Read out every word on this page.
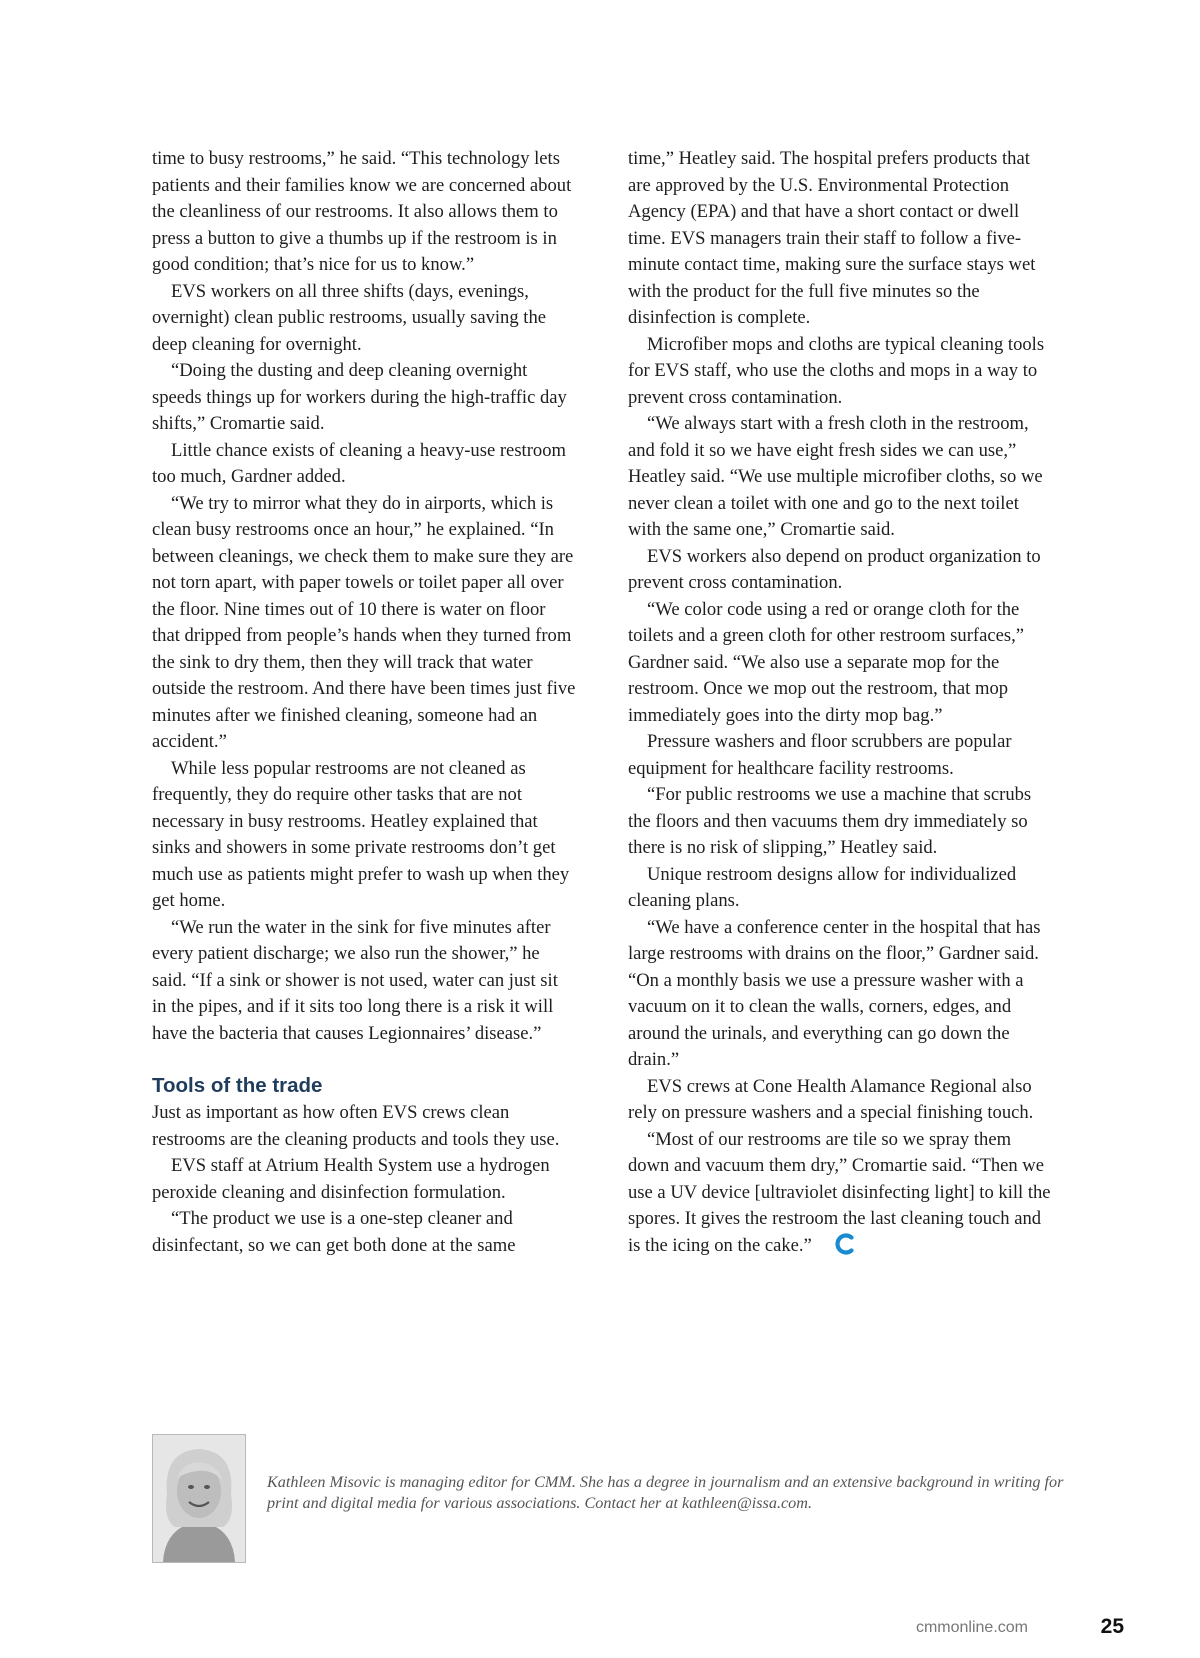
time to busy restrooms,” he said. “This technology lets patients and their families know we are concerned about the cleanliness of our restrooms. It also allows them to press a button to give a thumbs up if the restroom is in good condition; that’s nice for us to know.”

EVS workers on all three shifts (days, evenings, overnight) clean public restrooms, usually saving the deep cleaning for overnight.

“Doing the dusting and deep cleaning overnight speeds things up for workers during the high-traffic day shifts,” Cromartie said.

Little chance exists of cleaning a heavy-use restroom too much, Gardner added.

“We try to mirror what they do in airports, which is clean busy restrooms once an hour,” he explained. “In between cleanings, we check them to make sure they are not torn apart, with paper towels or toilet paper all over the floor. Nine times out of 10 there is water on floor that dripped from people’s hands when they turned from the sink to dry them, then they will track that water outside the restroom. And there have been times just five minutes after we finished cleaning, someone had an accident.”

While less popular restrooms are not cleaned as frequently, they do require other tasks that are not necessary in busy restrooms. Heatley explained that sinks and showers in some private restrooms don’t get much use as patients might prefer to wash up when they get home.

“We run the water in the sink for five minutes after every patient discharge; we also run the shower,” he said. “If a sink or shower is not used, water can just sit in the pipes, and if it sits too long there is a risk it will have the bacteria that causes Legionnaires’ disease.”

Tools of the trade

Just as important as how often EVS crews clean restrooms are the cleaning products and tools they use.

EVS staff at Atrium Health System use a hydrogen peroxide cleaning and disinfection formulation.

“The product we use is a one-step cleaner and disinfectant, so we can get both done at the same

time,” Heatley said. The hospital prefers products that are approved by the U.S. Environmental Protection Agency (EPA) and that have a short contact or dwell time. EVS managers train their staff to follow a five-minute contact time, making sure the surface stays wet with the product for the full five minutes so the disinfection is complete.

Microfiber mops and cloths are typical cleaning tools for EVS staff, who use the cloths and mops in a way to prevent cross contamination.

“We always start with a fresh cloth in the restroom, and fold it so we have eight fresh sides we can use,” Heatley said. “We use multiple microfiber cloths, so we never clean a toilet with one and go to the next toilet with the same one,” Cromartie said.

EVS workers also depend on product organization to prevent cross contamination.

“We color code using a red or orange cloth for the toilets and a green cloth for other restroom surfaces,” Gardner said. “We also use a separate mop for the restroom. Once we mop out the restroom, that mop immediately goes into the dirty mop bag.”

Pressure washers and floor scrubbers are popular equipment for healthcare facility restrooms.

“For public restrooms we use a machine that scrubs the floors and then vacuums them dry immediately so there is no risk of slipping,” Heatley said.

Unique restroom designs allow for individualized cleaning plans.

“We have a conference center in the hospital that has large restrooms with drains on the floor,” Gardner said. “On a monthly basis we use a pressure washer with a vacuum on it to clean the walls, corners, edges, and around the urinals, and everything can go down the drain.”

EVS crews at Cone Health Alamance Regional also rely on pressure washers and a special finishing touch.

“Most of our restrooms are tile so we spray them down and vacuum them dry,” Cromartie said. “Then we use a UV device [ultraviolet disinfecting light] to kill the spores. It gives the restroom the last cleaning touch and is the icing on the cake.”

Kathleen Misovic is managing editor for CMM. She has a degree in journalism and an extensive background in writing for print and digital media for various associations. Contact her at kathleen@issa.com.
cmmonline.com	25
